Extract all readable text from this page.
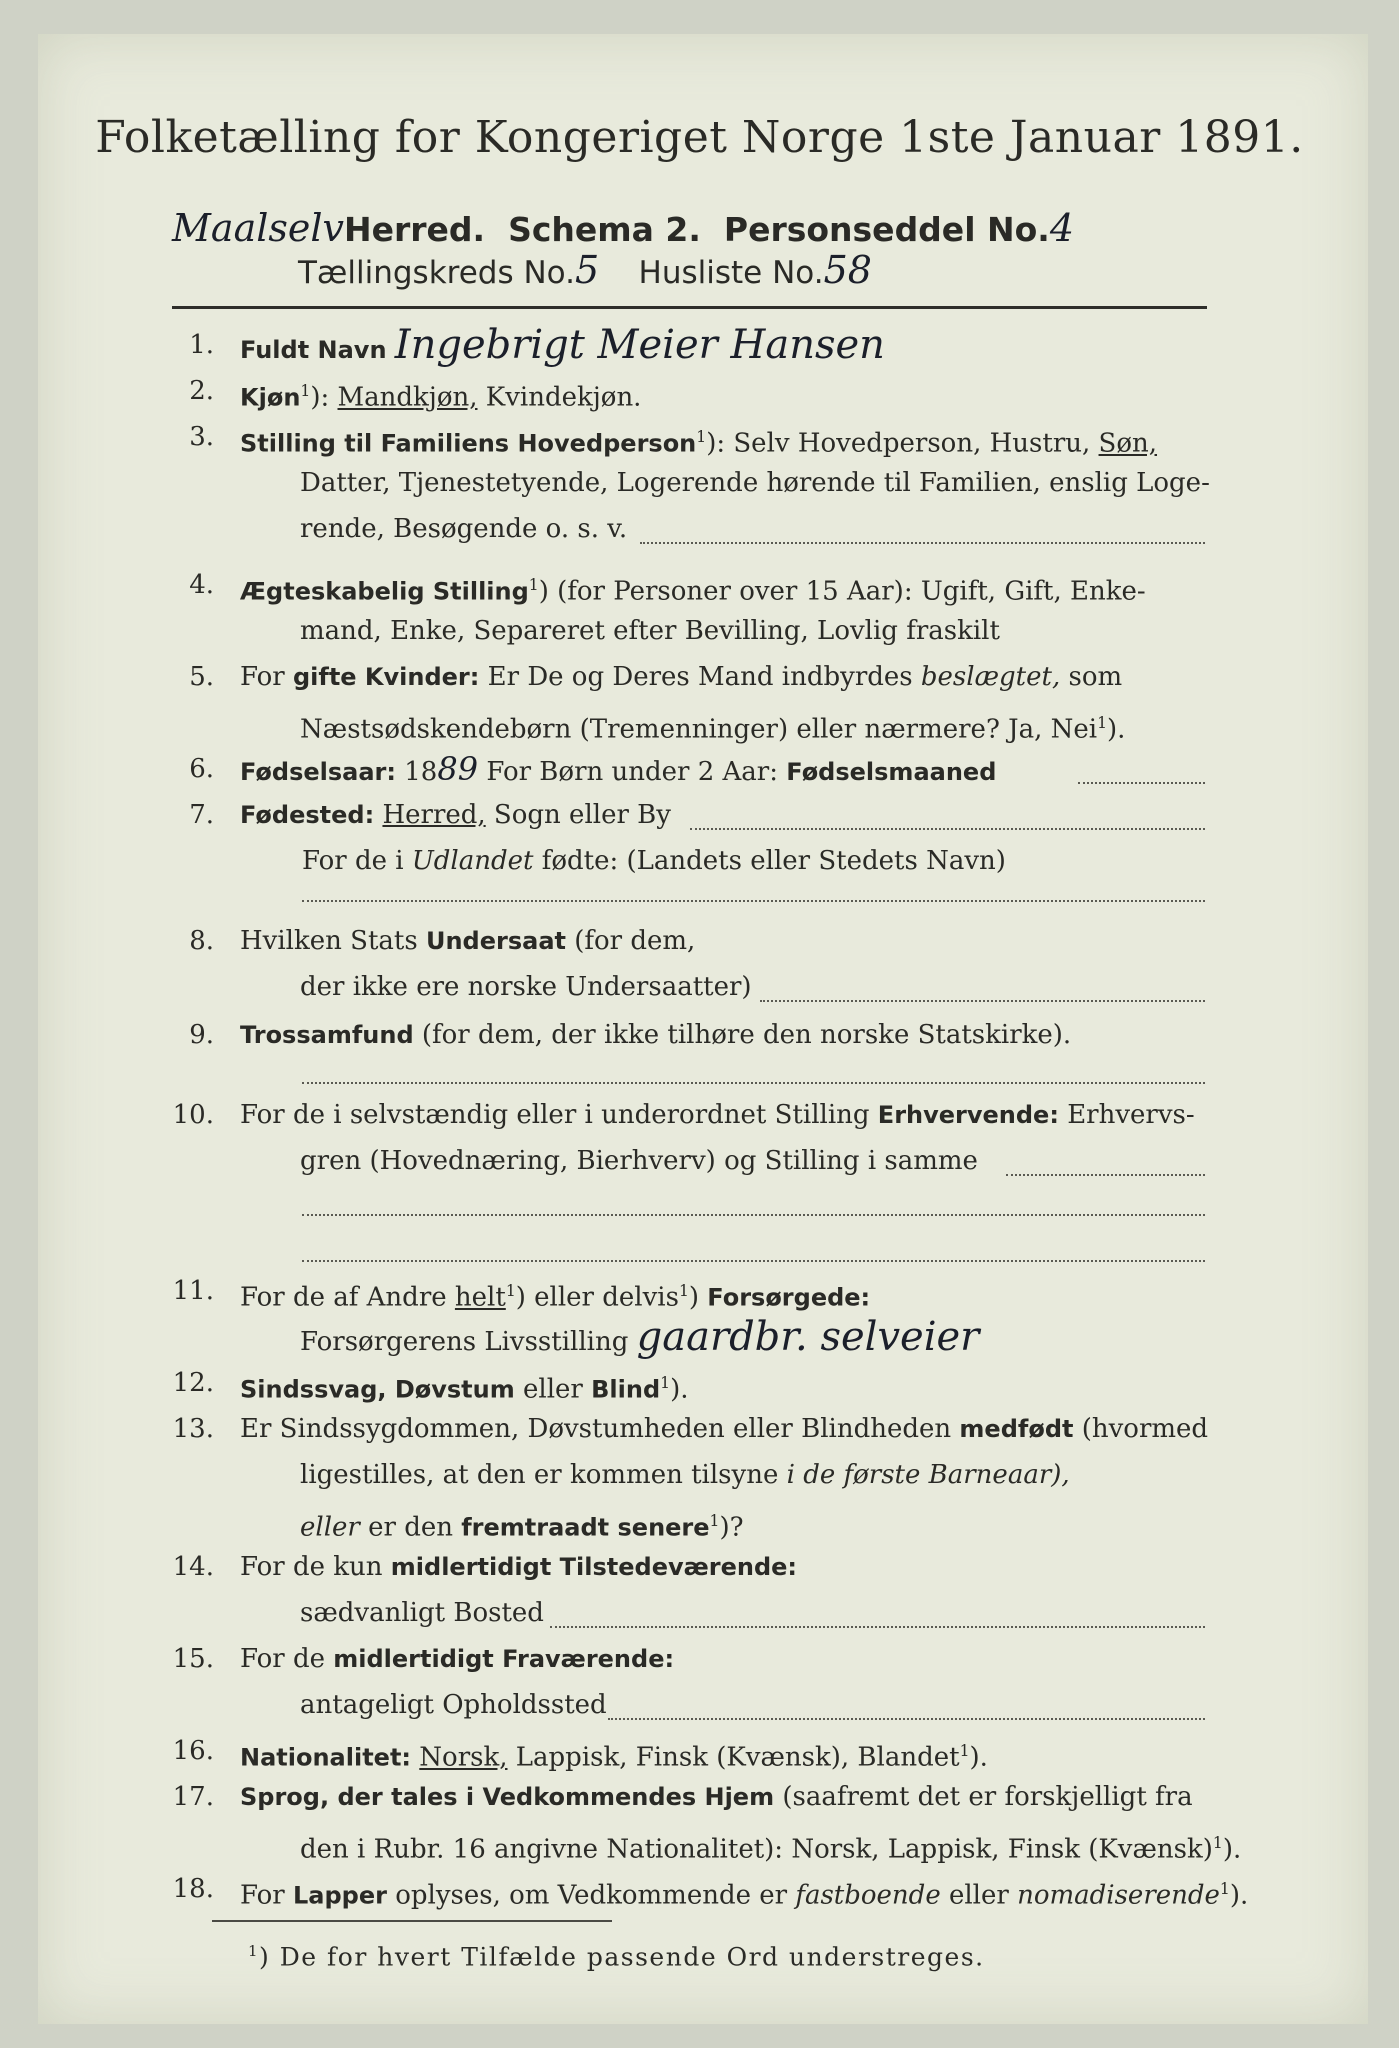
Folketælling for Kongeriget Norge 1ste Januar 1891.
MaalselvHerred. Schema 2. Personseddel No.4
Tællingskreds No.5 Husliste No.58
1. Fuldt Navn Ingebrigt Meier Hansen
2. Kjøn$^1$): Mandkjøn, Kvindekjøn.
3. Stilling til Familiens Hovedperson$^1$): Selv Hovedperson, Hustru, Søn,
Datter, Tjenestetyende, Logerende hørende til Familien, enslig Loge-
rende, Besøgende o. s. v.
4. Ægteskabelig Stilling$^1$) (for Personer over 15 Aar): Ugift, Gift, Enke-
mand, Enke, Separeret efter Bevilling, Lovlig fraskilt
5. For gifte Kvinder: Er De og Deres Mand indbyrdes beslægtet, som
Næstsødskendebørn (Tremenninger) eller nærmere? Ja, Nei$^1$).
6. Fødselsaar: 1889 For Børn under 2 Aar: Fødselsmaaned
7. Fødested: Herred, Sogn eller By
For de i Udlandet fødte: (Landets eller Stedets Navn)
8. Hvilken Stats Undersaat (for dem,
der ikke ere norske Undersaatter)
9. Trossamfund (for dem, der ikke tilhøre den norske Statskirke).
10. For de i selvstændig eller i underordnet Stilling Erhvervende: Erhvervs-
gren (Hovednæring, Bierhverv) og Stilling i samme
11. For de af Andre helt$^1$) eller delvis$^1$) Forsørgede:
Forsørgerens Livsstilling gaardbr. selveier
12. Sindssvag, Døvstum eller Blind$^1$).
13. Er Sindssygdommen, Døvstumheden eller Blindheden medfødt (hvormed
ligestilles, at den er kommen tilsyne i de første Barneaar),
eller er den fremtraadt senere$^1$)?
14. For de kun midlertidigt Tilstedeværende:
sædvanligt Bosted
15. For de midlertidigt Fraværende:
antageligt Opholdssted
16. Nationalitet: Norsk, Lappisk, Finsk (Kvænsk), Blandet$^1$).
17. Sprog, der tales i Vedkommendes Hjem (saafremt det er forskjelligt fra
den i Rubr. 16 angivne Nationalitet): Norsk, Lappisk, Finsk (Kvænsk)$^1$
18. For Lapper oplyses, om Vedkommende er fastboende eller nomadiserende$^1$
$^1$) De for hvert Tilfælde passende Ord understreges.
